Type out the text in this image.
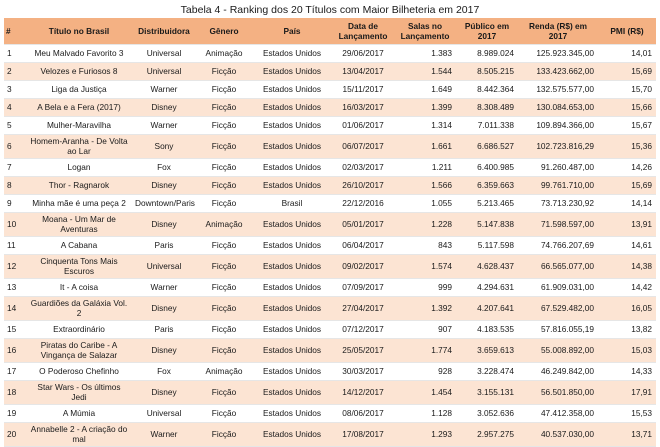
Tabela 4 - Ranking dos 20 Títulos com Maior Bilheteria em 2017
#	Título no Brasil	Distribuidora	Gênero	País	Data de Lançamento	Salas no Lançamento	Público em 2017	Renda (R$) em 2017	PMI (R$)
1	Meu Malvado Favorito 3	Universal	Animação	Estados Unidos	29/06/2017	1.383	8.989.024	125.923.345,00	14,01
2	Velozes e Furiosos 8	Universal	Ficção	Estados Unidos	13/04/2017	1.544	8.505.215	133.423.662,00	15,69
3	Liga da Justiça	Warner	Ficção	Estados Unidos	15/11/2017	1.649	8.442.364	132.575.577,00	15,70
4	A Bela e a Fera (2017)	Disney	Ficção	Estados Unidos	16/03/2017	1.399	8.308.489	130.084.653,00	15,66
5	Mulher-Maravilha	Warner	Ficção	Estados Unidos	01/06/2017	1.314	7.011.338	109.894.366,00	15,67
6	Homem-Aranha - De Volta ao Lar	Sony	Ficção	Estados Unidos	06/07/2017	1.661	6.686.527	102.723.816,29	15,36
7	Logan	Fox	Ficção	Estados Unidos	02/03/2017	1.211	6.400.985	91.260.487,00	14,26
8	Thor - Ragnarok	Disney	Ficção	Estados Unidos	26/10/2017	1.566	6.359.663	99.761.710,00	15,69
9	Minha mãe é uma peça 2	Downtown/Paris	Ficção	Brasil	22/12/2016	1.055	5.213.465	73.713.230,92	14,14
10	Moana - Um Mar de Aventuras	Disney	Animação	Estados Unidos	05/01/2017	1.228	5.147.838	71.598.597,00	13,91
11	A Cabana	Paris	Ficção	Estados Unidos	06/04/2017	843	5.117.598	74.766.207,69	14,61
12	Cinquenta Tons Mais Escuros	Universal	Ficção	Estados Unidos	09/02/2017	1.574	4.628.437	66.565.077,00	14,38
13	It - A coisa	Warner	Ficção	Estados Unidos	07/09/2017	999	4.294.631	61.909.031,00	14,42
14	Guardiões da Galáxia Vol. 2	Disney	Ficção	Estados Unidos	27/04/2017	1.392	4.207.641	67.529.482,00	16,05
15	Extraordinário	Paris	Ficção	Estados Unidos	07/12/2017	907	4.183.535	57.816.055,19	13,82
16	Piratas do Caribe - A Vingança de Salazar	Disney	Ficção	Estados Unidos	25/05/2017	1.774	3.659.613	55.008.892,00	15,03
17	O Poderoso Chefinho	Fox	Animação	Estados Unidos	30/03/2017	928	3.228.474	46.249.842,00	14,33
18	Star Wars - Os últimos Jedi	Disney	Ficção	Estados Unidos	14/12/2017	1.454	3.155.131	56.501.850,00	17,91
19	A Múmia	Universal	Ficção	Estados Unidos	08/06/2017	1.128	3.052.636	47.412.358,00	15,53
20	Annabelle 2 - A criação do mal	Warner	Ficção	Estados Unidos	17/08/2017	1.293	2.957.275	40.537.030,00	13,71
